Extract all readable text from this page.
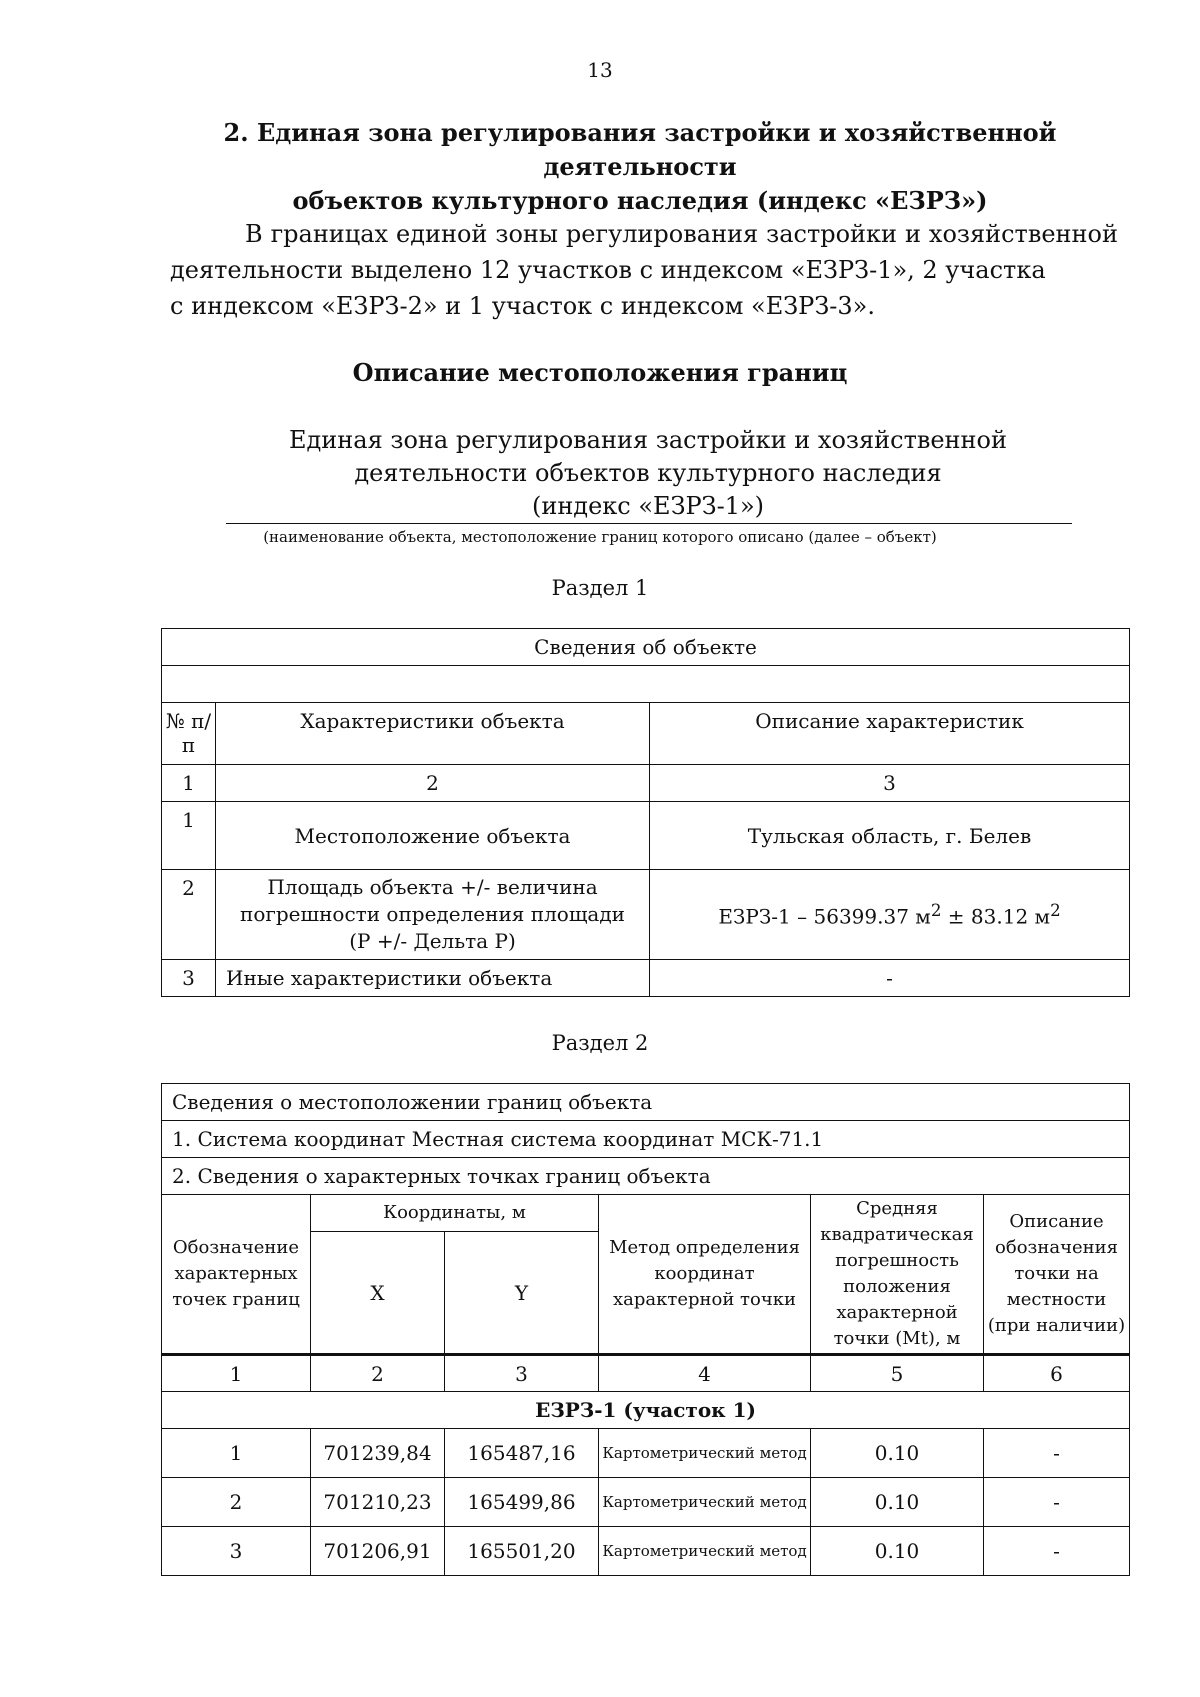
13
2. Единая зона регулирования застройки и хозяйственной деятельности
объектов культурного наследия (индекс «ЕЗРЗ»)
В границах единой зоны регулирования застройки и хозяйственной деятельности выделено 12 участков с индексом «ЕЗРЗ-1», 2 участка
с индексом «ЕЗРЗ-2» и 1 участок с индексом «ЕЗРЗ-3».
Описание местоположения границ
Единая зона регулирования застройки и хозяйственной
деятельности объектов культурного наследия
(индекс «ЕЗРЗ-1»)
(наименование объекта, местоположение границ которого описано (далее – объект)
Раздел 1
Сведения об объекте		

№ п/п	Характеристики объекта	Описание характеристик
1	2	3
1	Местоположение объекта	Тульская область, г. Белев
2	Площадь объекта +/- величина погрешности определения площади (Р +/- Дельта Р)	ЕЗРЗ-1 – 56399.37 $м^2 \pm 83.12$ $м^2$
3	Иные характеристики объекта	-
Раздел 2
Сведения о местоположении границ объекта					
1. Система координат Местная система координат МСК-71.1					
2. Сведения о характерных точках границ объекта					
Обозначение характерных точек границ	Координаты, м		Метод определения координат характерной точки	Средняя квадратическая погрешность положения характерной точки (Mt), м	Описание обозначения точки на местности (при наличии)
	X	Y			
1	2	3	4	5	6
ЕЗРЗ-1 (участок 1)					
1	701239,84	165487,16	Картометрический метод	0.10	-
2	701210,23	165499,86	Картометрический метод	0.10	-
3	701206,91	165501,20	Картометрический метод	0.10	-
